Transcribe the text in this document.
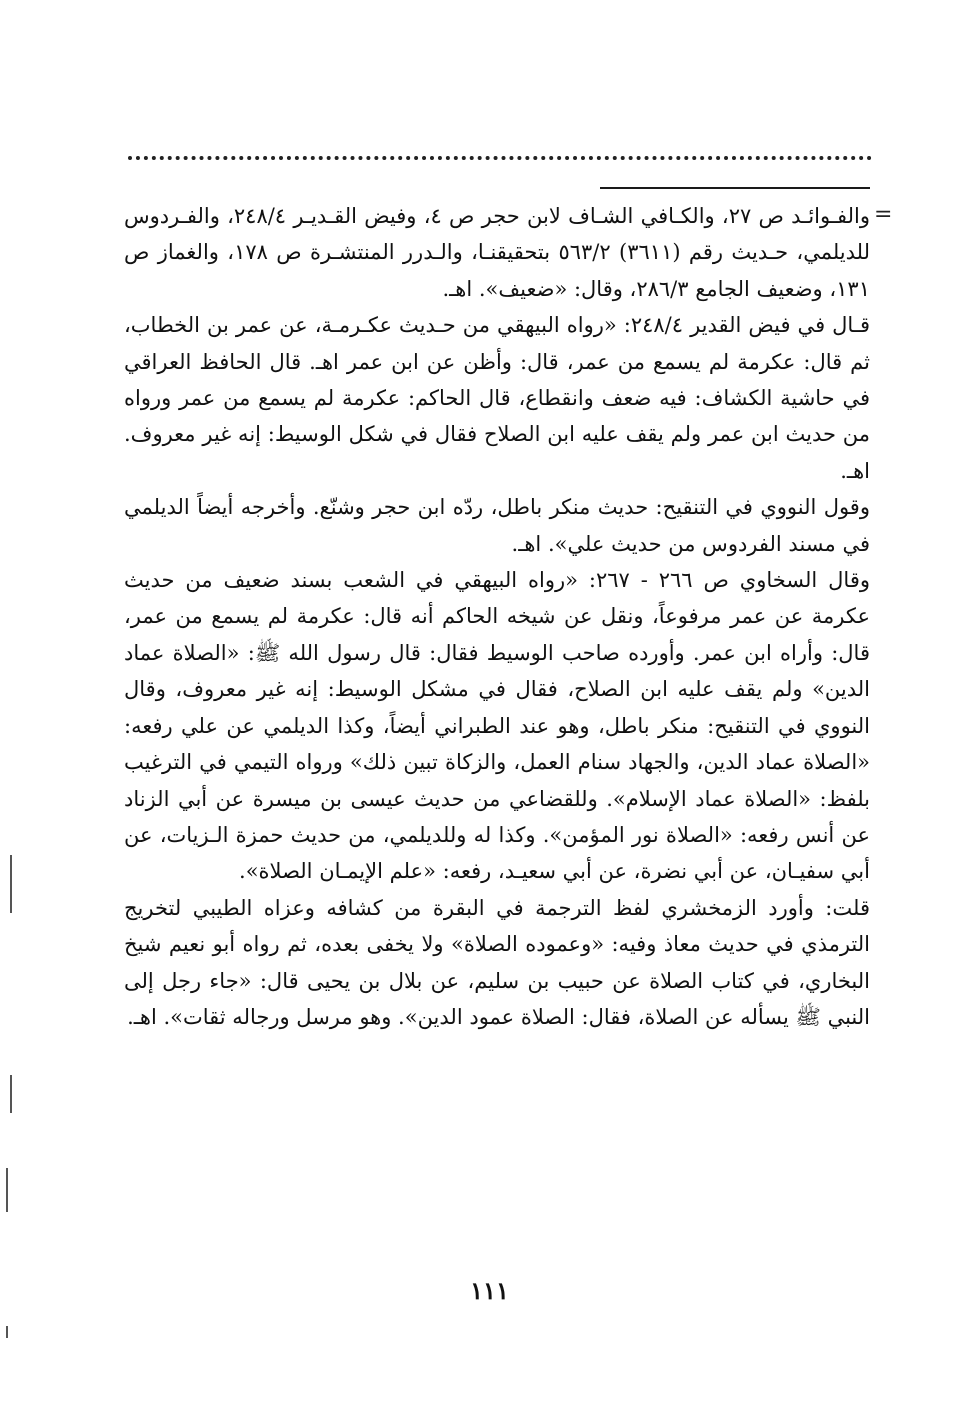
=

والفـوائـد ص ٢٧، والكـافي الشـاف لابن حجر ص ٤، وفيض القـديـر ٢٤٨/٤، والفـردوس للديلمي، حـديث رقم (٣٦١١) ٥٦٣/٢ بتحقيقنـا، والـدرر المنتشـرة ص ١٧٨، والغماز ص ١٣١، وضعيف الجامع ٢٨٦/٣، وقال: «ضعيف». اهـ.

قـال في فيض القدير ٢٤٨/٤: «رواه البيهقي من حـديث عكـرمـة، عن عمر بن الخطاب، ثم قال: عكرمة لم يسمع من عمر، قال: وأظن عن ابن عمر اهـ. قال الحافظ العراقي في حاشية الكشاف: فيه ضعف وانقطاع، قال الحاكم: عكرمة لم يسمع من عمر ورواه من حديث ابن عمر ولم يقف عليه ابن الصلاح فقال في شكل الوسيط: إنه غير معروف. اهـ.

وقول النووي في التنقيح: حديث منكر باطل، ردّه ابن حجر وشنّع. وأخرجه أيضاً الديلمي في مسند الفردوس من حديث علي». اهـ.

وقال السخاوي ص ٢٦٦ - ٢٦٧: «رواه البيهقي في الشعب بسند ضعيف من حديث عكرمة عن عمر مرفوعاً، ونقل عن شيخه الحاكم أنه قال: عكرمة لم يسمع من عمر، قال: وأراه ابن عمر. وأورده صاحب الوسيط فقال: قال رسول الله ﷺ: «الصلاة عماد الدين» ولم يقف عليه ابن الصلاح، فقال في مشكل الوسيط: إنه غير معروف، وقال النووي في التنقيح: منكر باطل، وهو عند الطبراني أيضاً، وكذا الديلمي عن علي رفعه: «الصلاة عماد الدين، والجهاد سنام العمل، والزكاة تبين ذلك» ورواه التيمي في الترغيب بلفظ: «الصلاة عماد الإسلام». وللقضاعي من حديث عيسى بن ميسرة عن أبي الزناد عن أنس رفعه: «الصلاة نور المؤمن». وكذا له وللديلمي، من حديث حمزة الـزيات، عن أبي سفيـان، عن أبي نضرة، عن أبي سعيـد، رفعه: «علم الإيمـان الصلاة».

قلت: وأورد الزمخشري لفظ الترجمة في البقرة من كشافه وعزاه الطيبي لتخريج الترمذي في حديث معاذ وفيه: «وعموده الصلاة» ولا يخفى بعده، ثم رواه أبو نعيم شيخ البخاري، في كتاب الصلاة عن حبيب بن سليم، عن بلال بن يحيى قال: «جاء رجل إلى النبي ﷺ يسأله عن الصلاة، فقال: الصلاة عمود الدين». وهو مرسل ورجاله ثقات». اهـ.

١١١
